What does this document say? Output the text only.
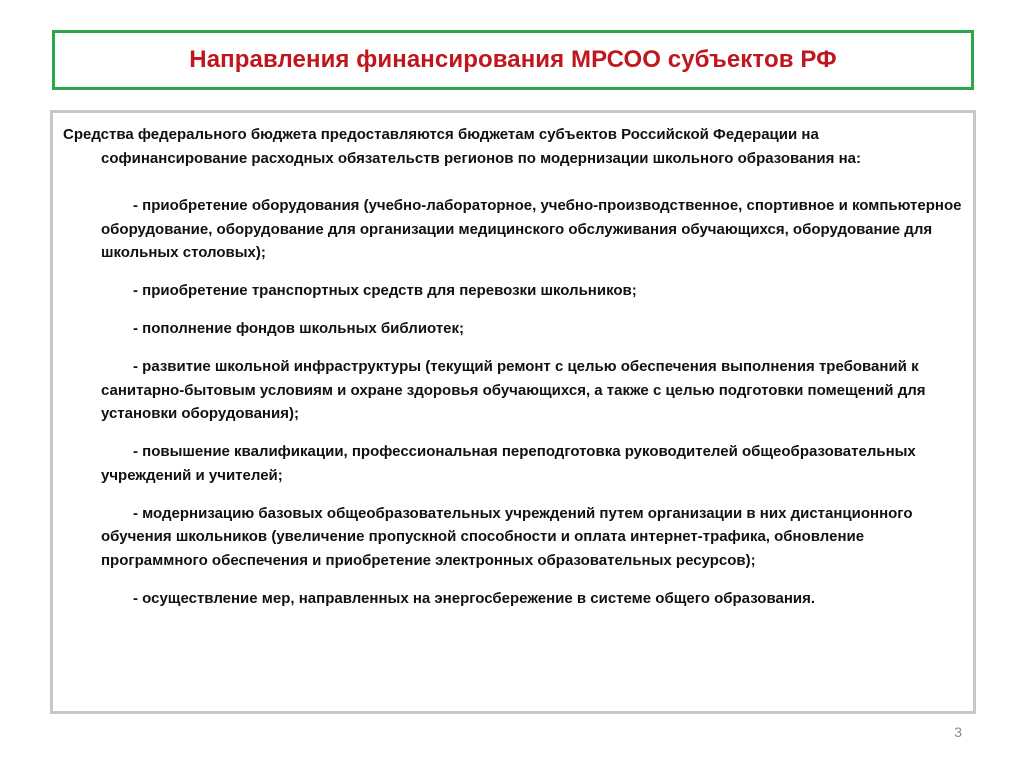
Направления финансирования МРСОО субъектов РФ

Средства федерального бюджета предоставляются бюджетам субъектов Российской Федерации на софинансирование расходных обязательств регионов по модернизации школьного образования на:

- приобретение оборудования (учебно-лабораторное, учебно-производственное, спортивное и компьютерное оборудование, оборудование для организации медицинского обслуживания обучающихся, оборудование для школьных столовых);
- приобретение транспортных средств для перевозки школьников;
- пополнение фондов школьных библиотек;
- развитие школьной инфраструктуры (текущий ремонт с целью обеспечения выполнения требований к санитарно-бытовым условиям и охране здоровья обучающихся, а также с целью подготовки помещений для установки оборудования);
- повышение квалификации, профессиональная переподготовка руководителей общеобразовательных учреждений и учителей;
- модернизацию базовых общеобразовательных учреждений путем организации в них дистанционного обучения школьников (увеличение пропускной способности и оплата интернет-трафика, обновление программного обеспечения и приобретение электронных образовательных ресурсов);
- осуществление мер, направленных на энергосбережение в системе общего образования.
3
